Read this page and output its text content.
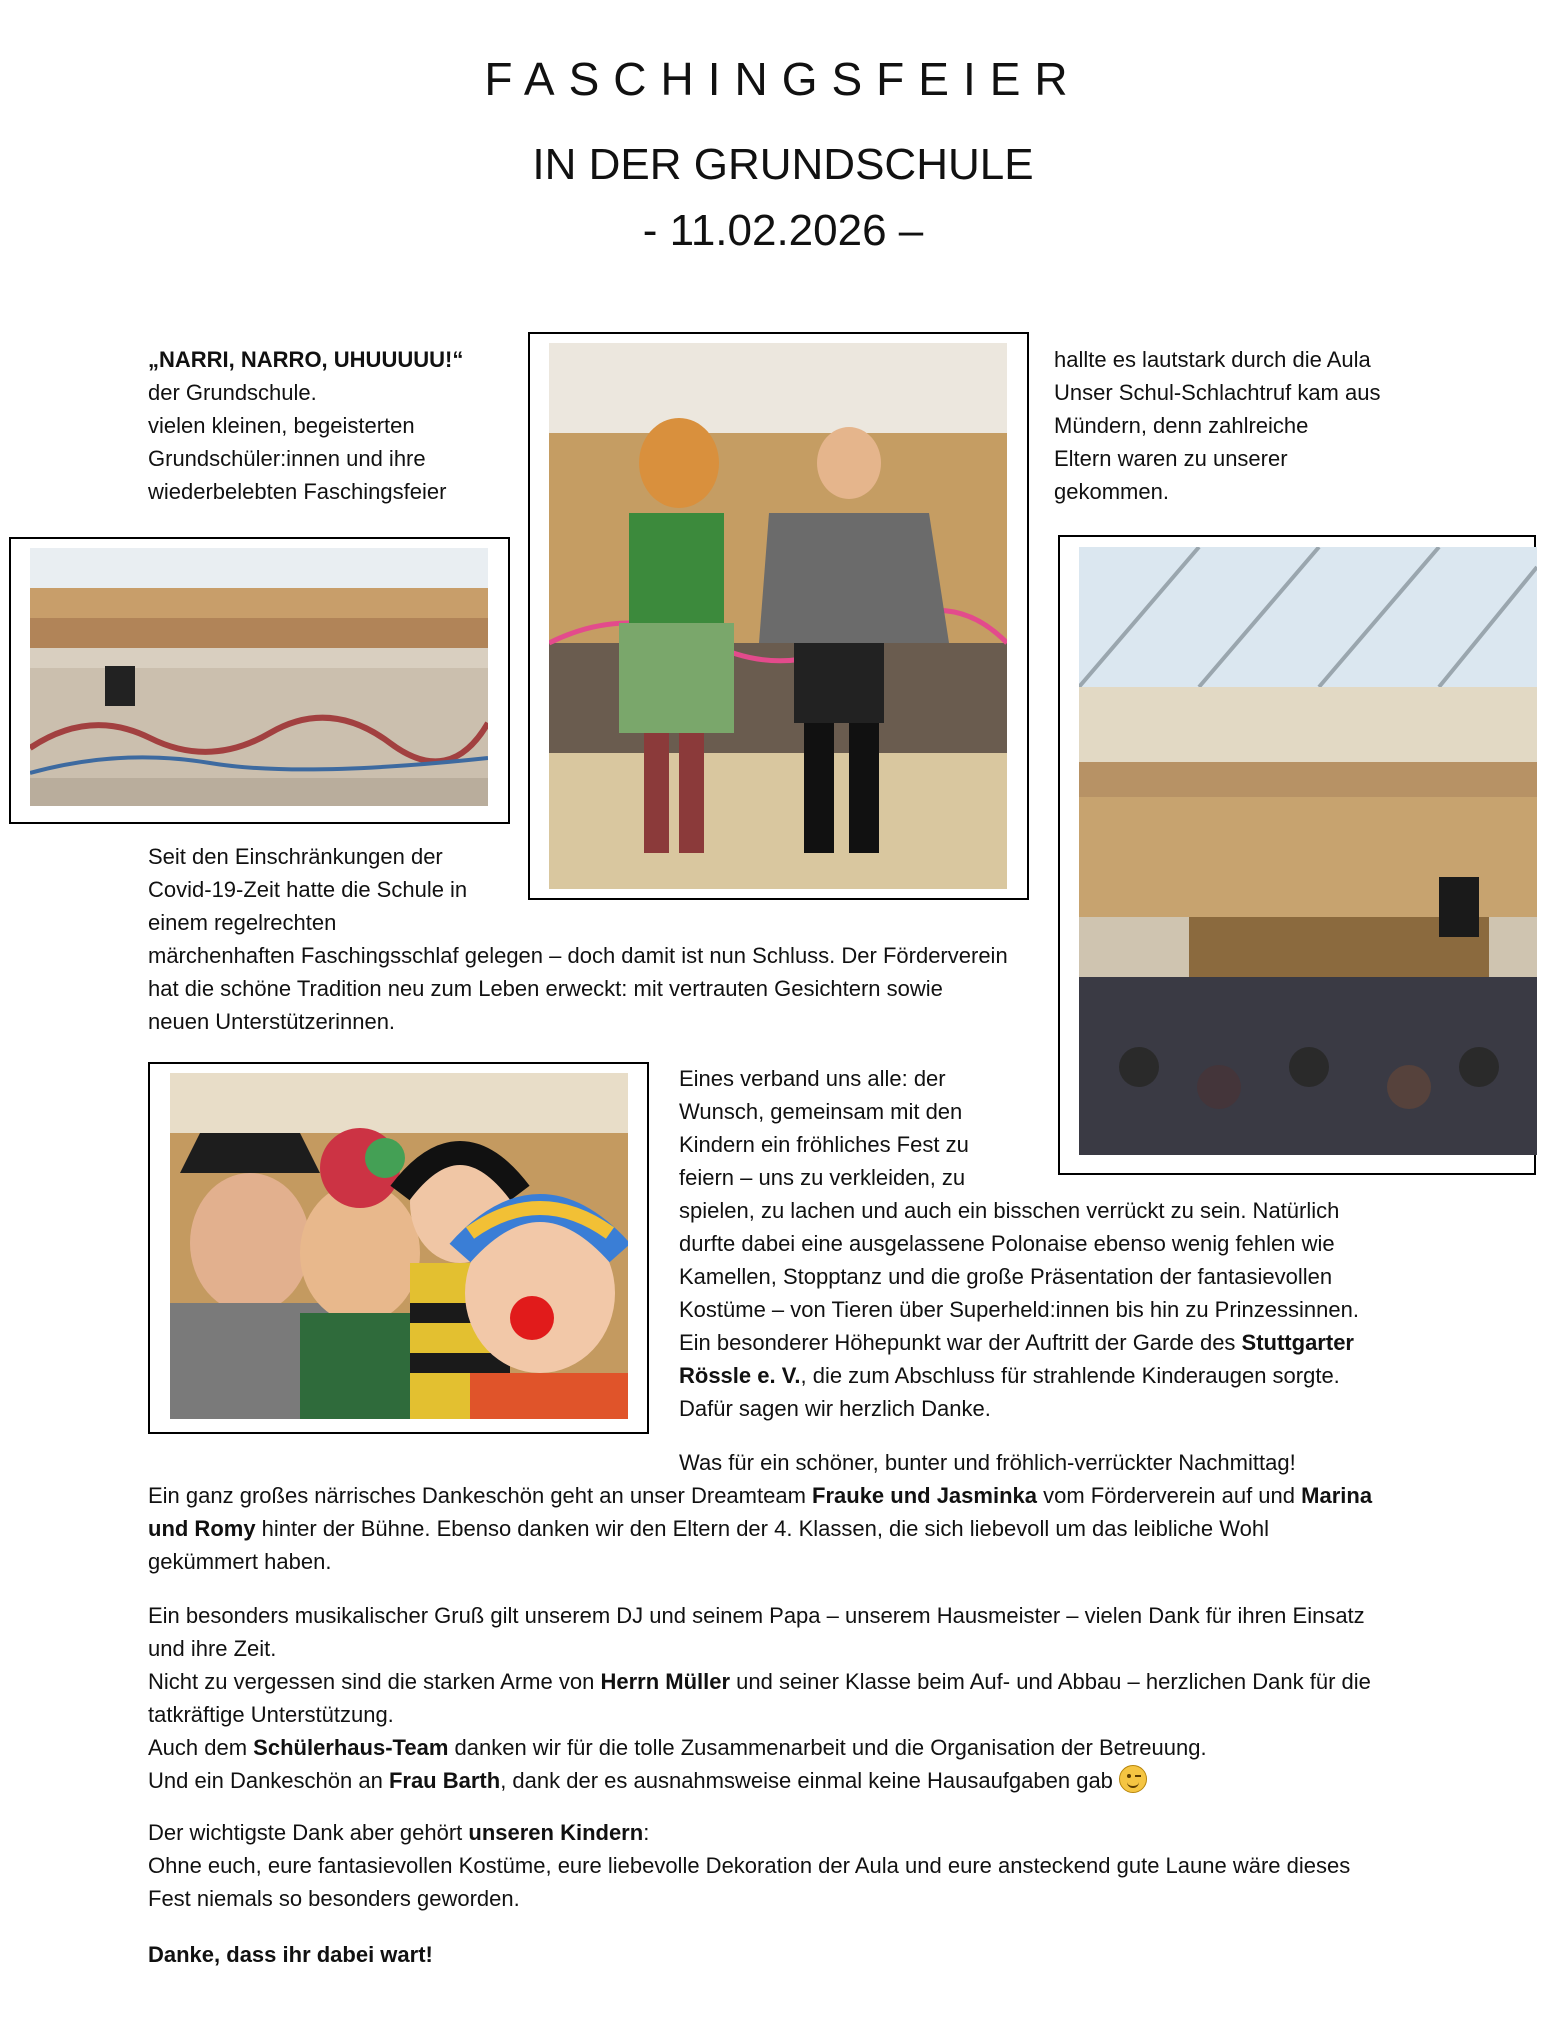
FASCHINGSFEIER
IN DER GRUNDSCHULE
- 11.02.2026 –
„NARRI, NARRO, UHUUUUU!“
der Grundschule.
vielen kleinen, begeisterten
Grundschüler:innen und ihre
wiederbelebten Faschingsfeier
hallte es lautstark durch die Aula
Unser Schul-Schlachtruf kam aus
Mündern, denn zahlreiche
Eltern waren zu unserer
gekommen.
Seit den Einschränkungen der
Covid-19-Zeit hatte die Schule in
einem regelrechten
märchenhaften Faschingsschlaf gelegen – doch damit ist nun Schluss. Der Förderverein
hat die schöne Tradition neu zum Leben erweckt: mit vertrauten Gesichtern sowie
neuen Unterstützerinnen.
Eines verband uns alle: der
Wunsch, gemeinsam mit den
Kindern ein fröhliches Fest zu
feiern – uns zu verkleiden, zu
spielen, zu lachen und auch ein bisschen verrückt zu sein. Natürlich
durfte dabei eine ausgelassene Polonaise ebenso wenig fehlen wie
Kamellen, Stopptanz und die große Präsentation der fantasievollen
Kostüme – von Tieren über Superheld:innen bis hin zu Prinzessinnen.
Ein besonderer Höhepunkt war der Auftritt der Garde des Stuttgarter
Rössle e. V., die zum Abschluss für strahlende Kinderaugen sorgte.
Dafür sagen wir herzlich Danke.
Was für ein schöner, bunter und fröhlich-verrückter Nachmittag!
Ein ganz großes närrisches Dankeschön geht an unser Dreamteam Frauke und Jasminka vom Förderverein auf und Marina
und Romy hinter der Bühne. Ebenso danken wir den Eltern der 4. Klassen, die sich liebevoll um das leibliche Wohl
gekümmert haben.
Ein besonders musikalischer Gruß gilt unserem DJ und seinem Papa – unserem Hausmeister – vielen Dank für ihren Einsatz
und ihre Zeit.
Nicht zu vergessen sind die starken Arme von Herrn Müller und seiner Klasse beim Auf- und Abbau – herzlichen Dank für die
tatkräftige Unterstützung.
Auch dem Schülerhaus-Team danken wir für die tolle Zusammenarbeit und die Organisation der Betreuung.
Und ein Dankeschön an Frau Barth, dank der es ausnahmsweise einmal keine Hausaufgaben gab
Der wichtigste Dank aber gehört unseren Kindern:
Ohne euch, eure fantasievollen Kostüme, eure liebevolle Dekoration der Aula und eure ansteckend gute Laune wäre dieses
Fest niemals so besonders geworden.
Danke, dass ihr dabei wart!
